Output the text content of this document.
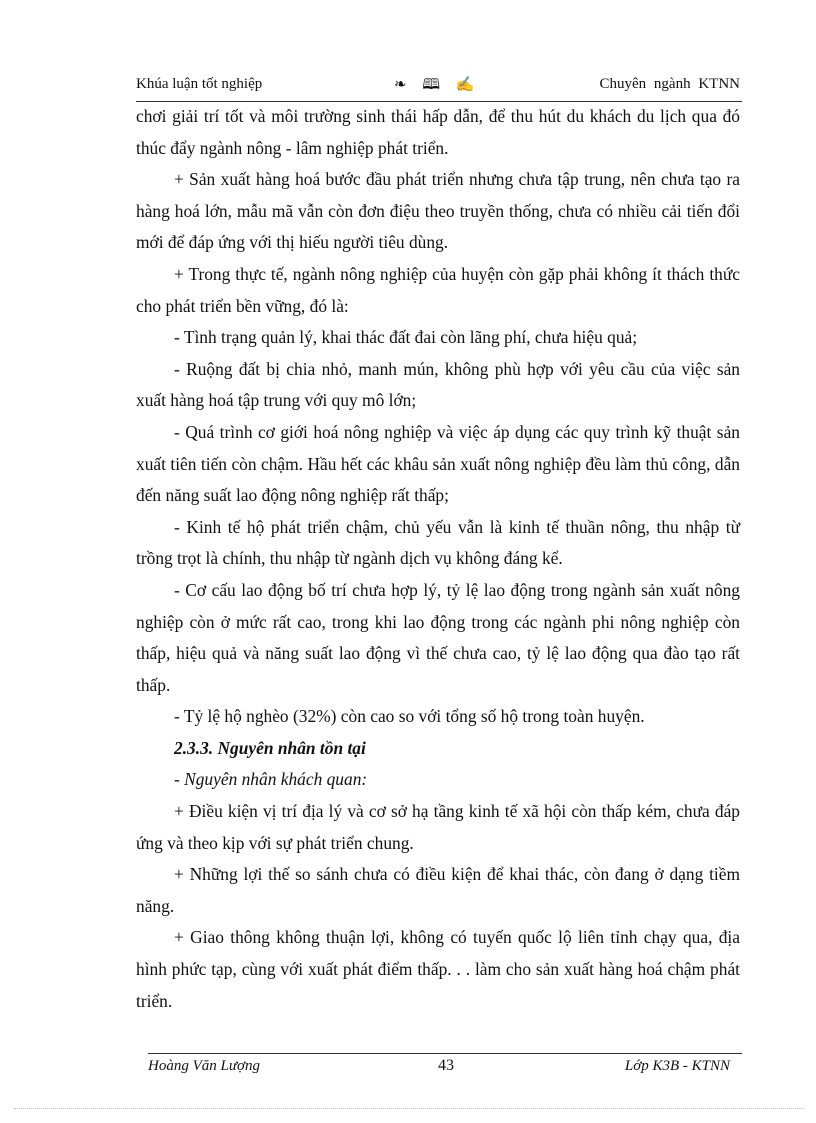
Khúa luận tốt nghiệp	❧ 🕮 ✍	Chuyên ngành KTNN

chơi giải trí tốt và môi trường sinh thái hấp dẫn, để thu hút du khách du lịch qua đó thúc đẩy ngành nông - lâm nghiệp phát triển.

+ Sản xuất hàng hoá bước đầu phát triển nhưng chưa tập trung, nên chưa tạo ra hàng hoá lớn, mẫu mã vẫn còn đơn điệu theo truyền thống, chưa có nhiều cải tiến đổi mới để đáp ứng với thị hiếu người tiêu dùng.

+ Trong thực tế, ngành nông nghiệp của huyện còn gặp phải không ít thách thức cho phát triển bền vững, đó là:

- Tình trạng quản lý, khai thác đất đai còn lãng phí, chưa hiệu quả;

- Ruộng đất bị chia nhỏ, manh mún, không phù hợp với yêu cầu của việc sản xuất hàng hoá tập trung với quy mô lớn;

- Quá trình cơ giới hoá nông nghiệp và việc áp dụng các quy trình kỹ thuật sản xuất tiên tiến còn chậm. Hầu hết các khâu sản xuất nông nghiệp đều làm thủ công, dẫn đến năng suất lao động nông nghiệp rất thấp;

- Kinh tế hộ phát triển chậm, chủ yếu vẫn là kinh tế thuần nông, thu nhập từ trồng trọt là chính, thu nhập từ ngành dịch vụ không đáng kể.

- Cơ cấu lao động bố trí chưa hợp lý, tỷ lệ lao động trong ngành sản xuất nông nghiệp còn ở mức rất cao, trong khi lao động trong các ngành phi nông nghiệp còn thấp, hiệu quả và năng suất lao động vì thế chưa cao, tỷ lệ lao động qua đào tạo rất thấp.

- Tỷ lệ hộ nghèo (32%) còn cao so với tổng số hộ trong toàn huyện.

2.3.3. Nguyên nhân tồn tại

- Nguyên nhân khách quan:

+ Điều kiện vị trí địa lý và cơ sở hạ tầng kinh tế xã hội còn thấp kém, chưa đáp ứng và theo kịp với sự phát triển chung.

+ Những lợi thế so sánh chưa có điều kiện để khai thác, còn đang ở dạng tiềm năng.

+ Giao thông không thuận lợi, không có tuyến quốc lộ liên tỉnh chạy qua, địa hình phức tạp, cùng với xuất phát điểm thấp. . . làm cho sản xuất hàng hoá chậm phát triển.

Hoàng Văn Lượng	43	Lớp K3B - KTNN
